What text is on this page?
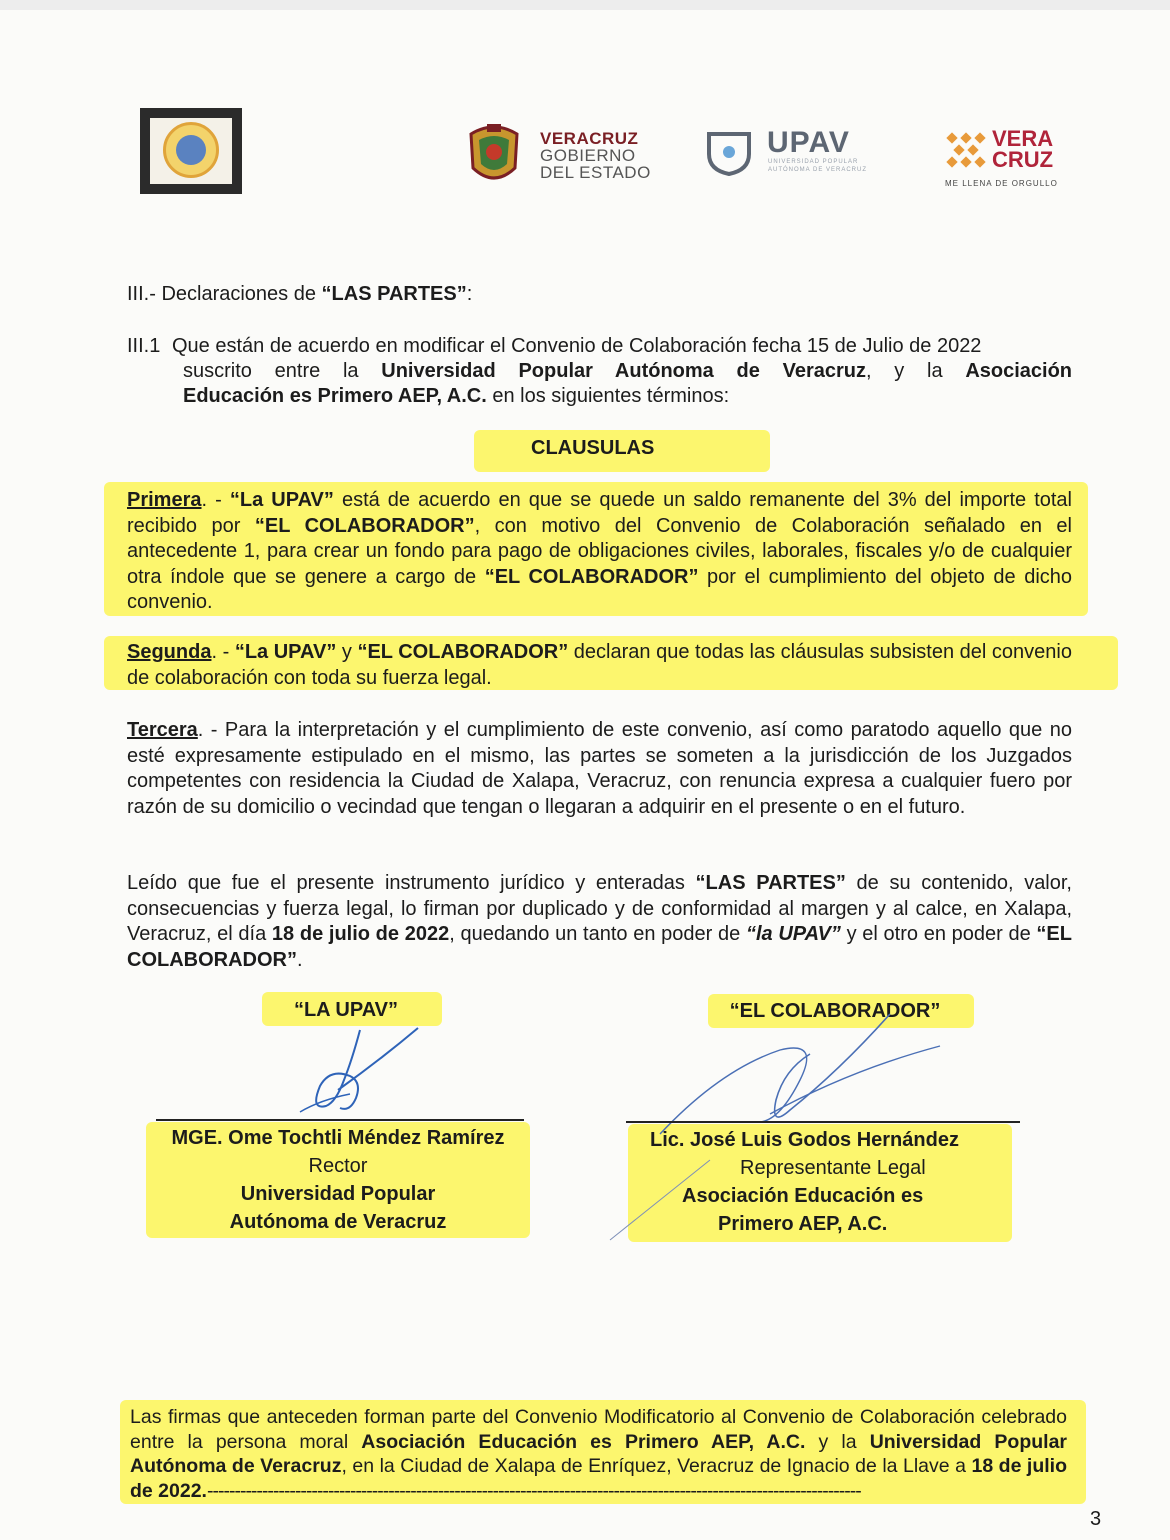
VERACRUZ
GOBIERNO
DEL ESTADO
UPAV
UNIVERSIDAD POPULAR
AUTÓNOMA DE VERACRUZ
VERA
CRUZ
ME LLENA DE ORGULLO
III.- Declaraciones de “LAS PARTES”:
III.1 Que están de acuerdo en modificar el Convenio de Colaboración fecha 15 de Julio de 2022
suscrito entre la Universidad Popular Autónoma de Veracruz, y la Asociación
Educación es Primero AEP, A.C. en los siguientes términos:
CLAUSULAS
Primera. - “La UPAV” está de acuerdo en que se quede un saldo remanente del 3% del importe total recibido por “EL COLABORADOR”, con motivo del Convenio de Colaboración señalado en el antecedente 1, para crear un fondo para pago de obligaciones civiles, laborales, fiscales y/o de cualquier otra índole que se genere a cargo de “EL COLABORADOR” por el cumplimiento del objeto de dicho convenio.
Segunda. - “La UPAV” y “EL COLABORADOR” declaran que todas las cláusulas subsisten del convenio de colaboración con toda su fuerza legal.
Tercera. - Para la interpretación y el cumplimiento de este convenio, así como paratodo aquello que no esté expresamente estipulado en el mismo, las partes se someten a la jurisdicción de los Juzgados competentes con residencia la Ciudad de Xalapa, Veracruz, con renuncia expresa a cualquier fuero por razón de su domicilio o vecindad que tengan o llegaran a adquirir en el presente o en el futuro.
Leído que fue el presente instrumento jurídico y enteradas “LAS PARTES” de su contenido, valor, consecuencias y fuerza legal, lo firman por duplicado y de conformidad al margen y al calce, en Xalapa, Veracruz, el día 18 de julio de 2022, quedando un tanto en poder de “la UPAV” y el otro en poder de “EL COLABORADOR”.
“LA UPAV”
MGE. Ome Tochtli Méndez Ramírez
Rector
Universidad Popular
Autónoma de Veracruz
“EL COLABORADOR”
Lic. José Luis Godos Hernández
Representante Legal
Asociación Educación es
Primero AEP, A.C.
Las firmas que anteceden forman parte del Convenio Modificatorio al Convenio de Colaboración celebrado entre la persona moral Asociación Educación es Primero AEP, A.C. y la Universidad Popular Autónoma de Veracruz, en la Ciudad de Xalapa de Enríquez, Veracruz de Ignacio de la Llave a 18 de julio de 2022.-----------------------------------------------------------------------------------------------------------------------
3
